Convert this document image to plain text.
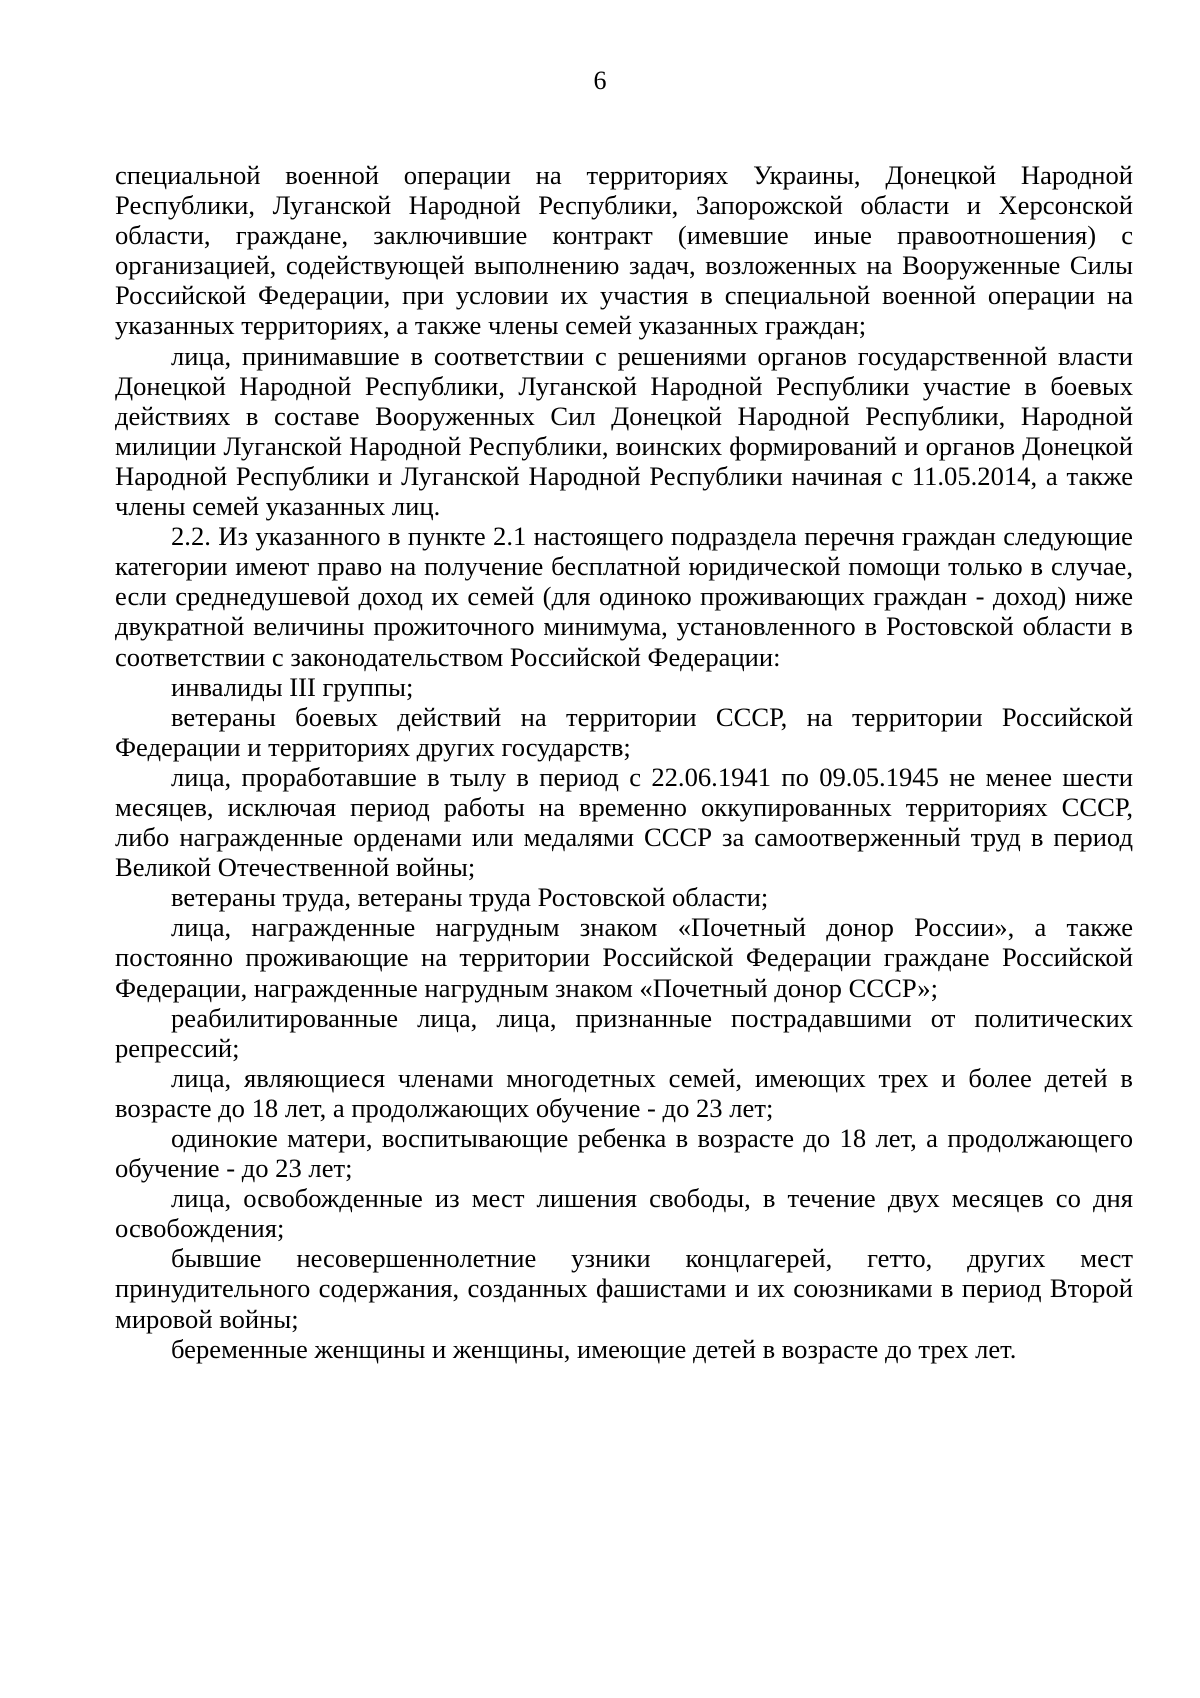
6

специальной военной операции на территориях Украины, Донецкой Народной Республики, Луганской Народной Республики, Запорожской области и Херсонской области, граждане, заключившие контракт (имевшие иные правоотношения) с организацией, содействующей выполнению задач, возложенных на Вооруженные Силы Российской Федерации, при условии их участия в специальной военной операции на указанных территориях, а также члены семей указанных граждан;

лица, принимавшие в соответствии с решениями органов государственной власти Донецкой Народной Республики, Луганской Народной Республики участие в боевых действиях в составе Вооруженных Сил Донецкой Народной Республики, Народной милиции Луганской Народной Республики, воинских формирований и органов Донецкой Народной Республики и Луганской Народной Республики начиная с 11.05.2014, а также члены семей указанных лиц.

2.2. Из указанного в пункте 2.1 настоящего подраздела перечня граждан следующие категории имеют право на получение бесплатной юридической помощи только в случае, если среднедушевой доход их семей (для одиноко проживающих граждан - доход) ниже двукратной величины прожиточного минимума, установленного в Ростовской области в соответствии с законодательством Российской Федерации:

инвалиды III группы;

ветераны боевых действий на территории СССР, на территории Российской Федерации и территориях других государств;

лица, проработавшие в тылу в период с 22.06.1941 по 09.05.1945 не менее шести месяцев, исключая период работы на временно оккупированных территориях СССР, либо награжденные орденами или медалями СССР за самоотверженный труд в период Великой Отечественной войны;

ветераны труда, ветераны труда Ростовской области;

лица, награжденные нагрудным знаком «Почетный донор России», а также постоянно проживающие на территории Российской Федерации граждане Российской Федерации, награжденные нагрудным знаком «Почетный донор СССР»;

реабилитированные лица, лица, признанные пострадавшими от политических репрессий;

лица, являющиеся членами многодетных семей, имеющих трех и более детей в возрасте до 18 лет, а продолжающих обучение - до 23 лет;

одинокие матери, воспитывающие ребенка в возрасте до 18 лет, а продолжающего обучение - до 23 лет;

лица, освобожденные из мест лишения свободы, в течение двух месяцев со дня освобождения;

бывшие несовершеннолетние узники концлагерей, гетто, других мест принудительного содержания, созданных фашистами и их союзниками в период Второй мировой войны;

беременные женщины и женщины, имеющие детей в возрасте до трех лет.
